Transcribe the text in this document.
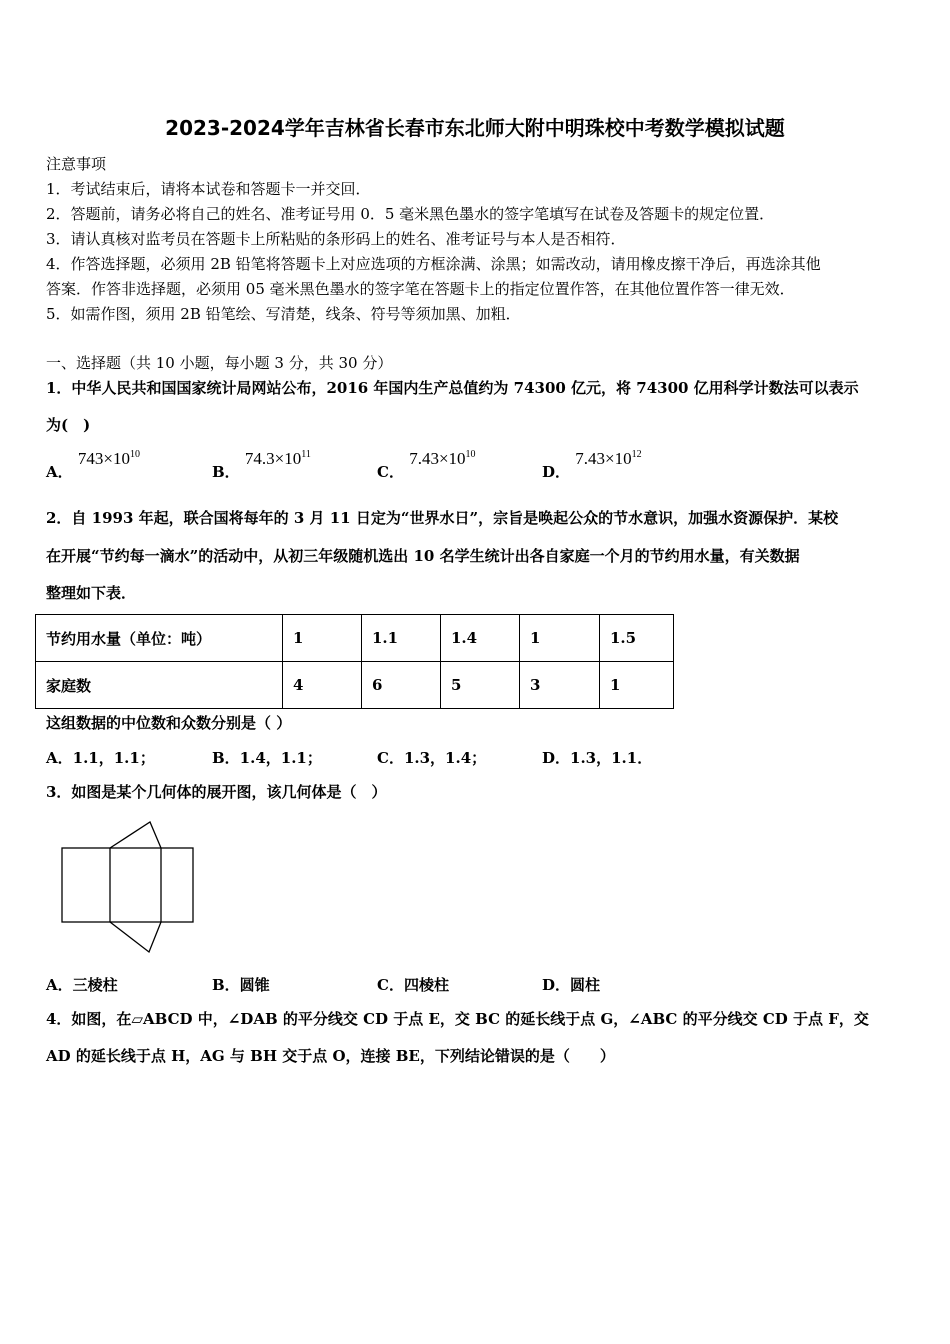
2023-2024学年吉林省长春市东北师大附中明珠校中考数学模拟试题
注意事项
1．考试结束后，请将本试卷和答题卡一并交回．
2．答题前，请务必将自己的姓名、准考证号用 0．5 毫米黑色墨水的签字笔填写在试卷及答题卡的规定位置．
3．请认真核对监考员在答题卡上所粘贴的条形码上的姓名、准考证号与本人是否相符．
4．作答选择题，必须用 2B 铅笔将答题卡上对应选项的方框涂满、涂黑；如需改动，请用橡皮擦干净后，再选涂其他
答案．作答非选择题，必须用 05 毫米黑色墨水的签字笔在答题卡上的指定位置作答，在其他位置作答一律无效．
5．如需作图，须用 2B 铅笔绘、写清楚，线条、符号等须加黑、加粗．
一、选择题（共 10 小题，每小题 3 分，共 30 分）
1．中华人民共和国国家统计局网站公布，2016 年国内生产总值约为 74300 亿元，将 74300 亿用科学计数法可以表示
为(　)
A． $743\times 10^{10}$
B． $74.3\times 10^{11}$
C． $7.43\times 10^{10}$
D． $7.43\times 10^{12}$
2．自 1993 年起，联合国将每年的 3 月 11 日定为“世界水日”，宗旨是唤起公众的节水意识，加强水资源保护．某校
在开展“节约每一滴水”的活动中，从初三年级随机选出 10 名学生统计出各自家庭一个月的节约用水量，有关数据
整理如下表．
节约用水量（单位：吨）	1	1.1	1.4	1	1.5
家庭数	4	6	5	3	1
这组数据的中位数和众数分别是（ ）
A．1.1，1.1；	B．1.4，1.1；	C．1.3，1.4；	D．1.3，1.1．
3．如图是某个几何体的展开图，该几何体是（　）
A．三棱柱	B．圆锥	C．四棱柱	D．圆柱
4．如图，在▱ABCD 中，∠DAB 的平分线交 CD 于点 E，交 BC 的延长线于点 G，∠ABC 的平分线交 CD 于点 F，交
AD 的延长线于点 H，AG 与 BH 交于点 O，连接 BE，下列结论错误的是（　　）
